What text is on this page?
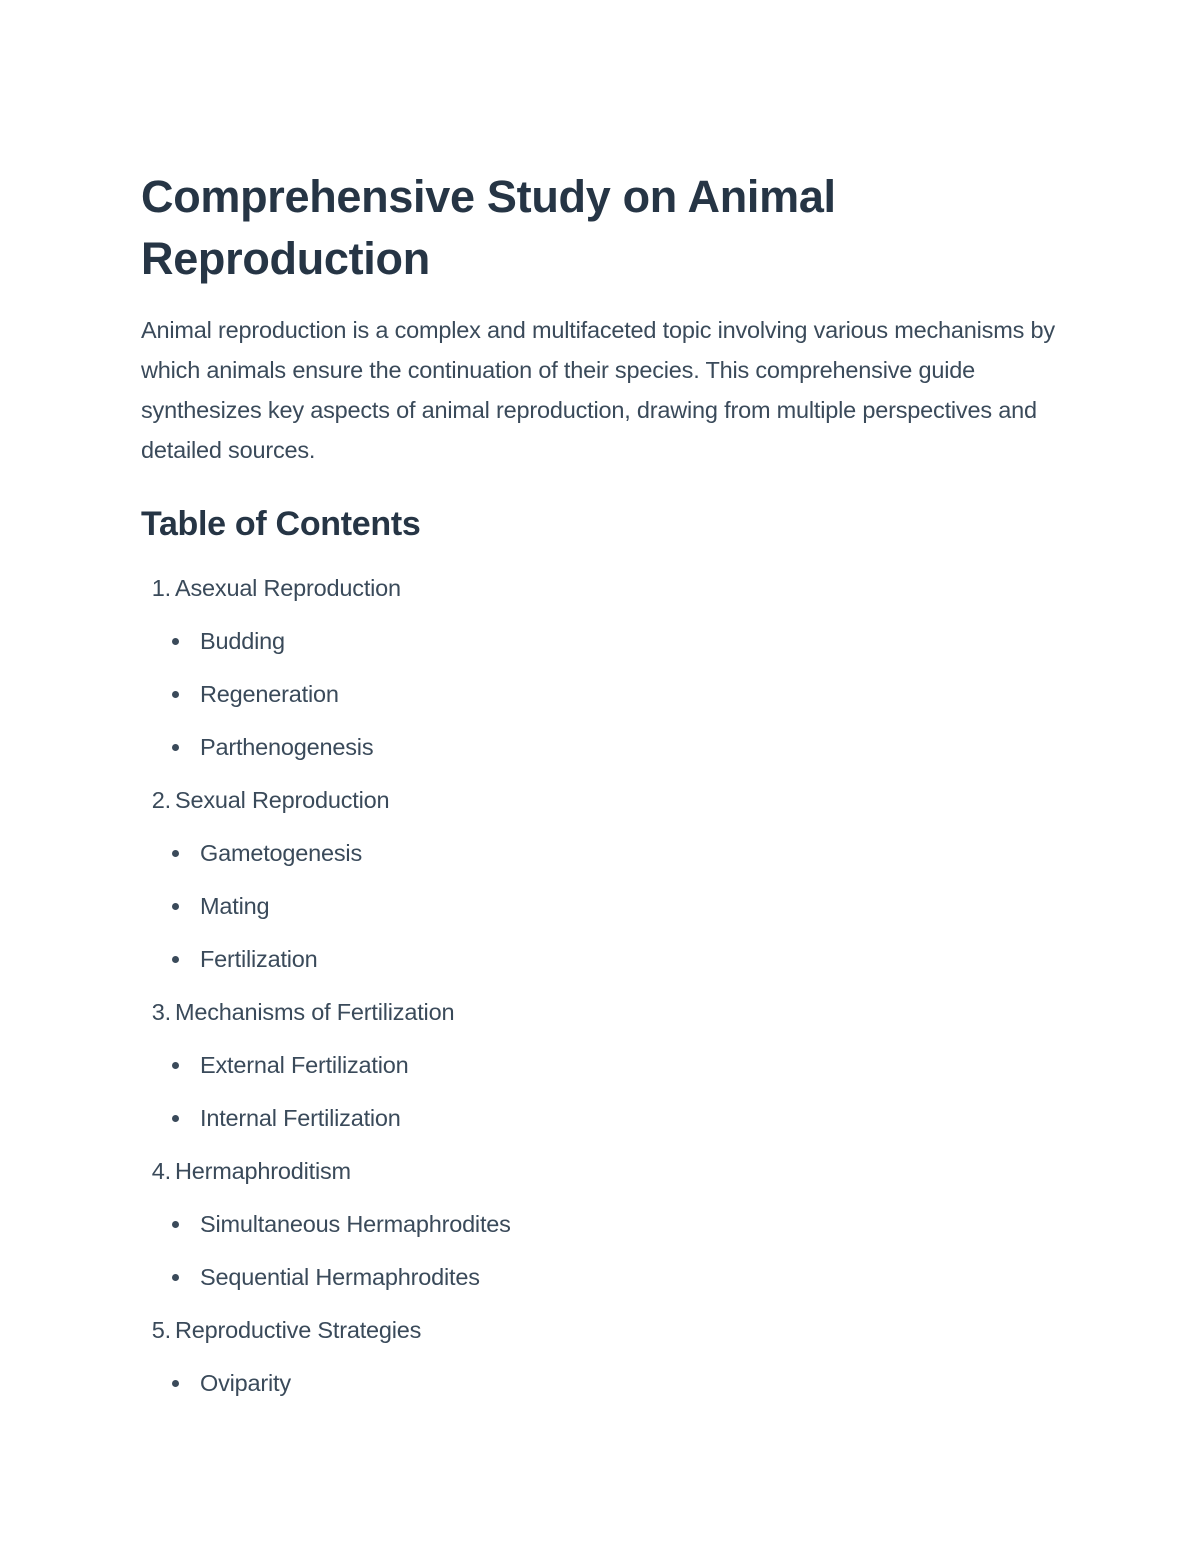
Comprehensive Study on Animal Reproduction

Animal reproduction is a complex and multifaceted topic involving various mechanisms by which animals ensure the continuation of their species. This comprehensive guide synthesizes key aspects of animal reproduction, drawing from multiple perspectives and detailed sources.

Table of Contents
1. Asexual Reproduction
Budding
Regeneration
Parthenogenesis
2. Sexual Reproduction
Gametogenesis
Mating
Fertilization
3. Mechanisms of Fertilization
External Fertilization
Internal Fertilization
4. Hermaphroditism
Simultaneous Hermaphrodites
Sequential Hermaphrodites
5. Reproductive Strategies
Oviparity
